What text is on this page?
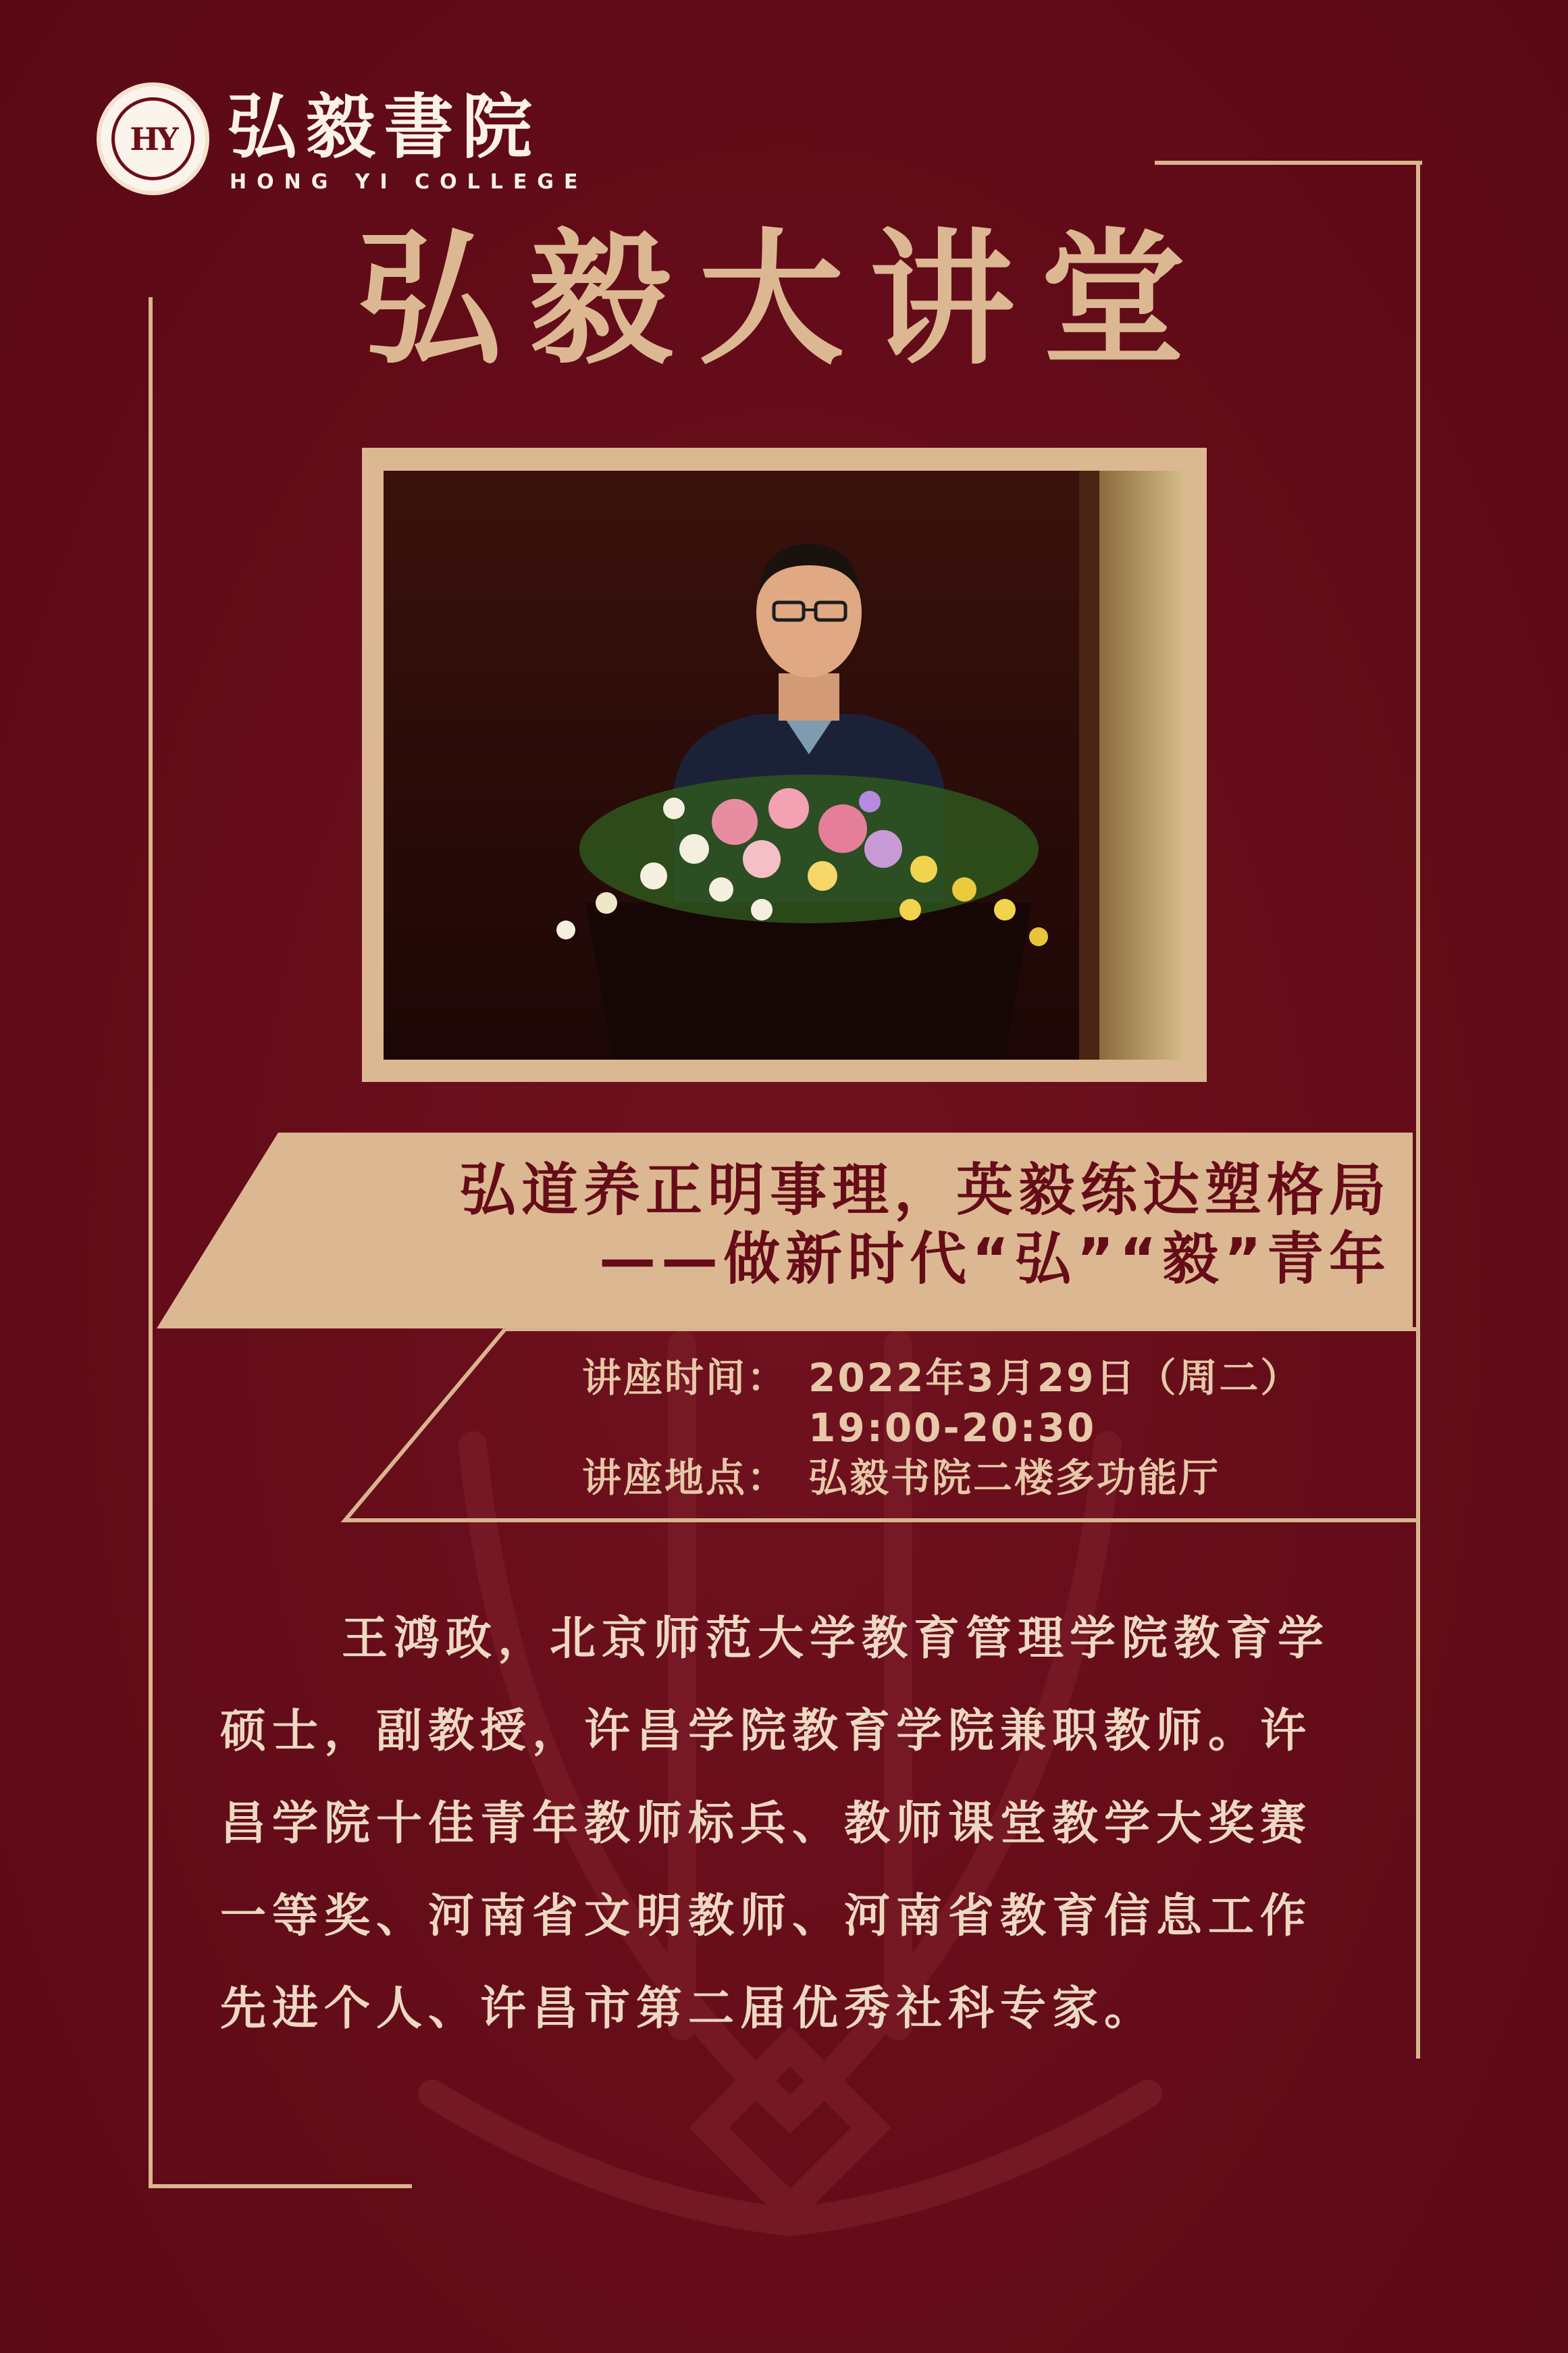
HY 弘毅書院
HONG YI COLLEGE
弘毅大讲堂
弘道养正明事理，英毅练达塑格局
——做新时代“弘”“毅”青年
讲座时间： 2022年3月29日（周二）
19:00-20:30
讲座地点： 弘毅书院二楼多功能厅
王鸿政，北京师范大学教育管理学院教育学硕士，副教授，许昌学院教育学院兼职教师。许昌学院十佳青年教师标兵、教师课堂教学大奖赛一等奖、河南省文明教师、河南省教育信息工作先进个人、许昌市第二届优秀社科专家。
